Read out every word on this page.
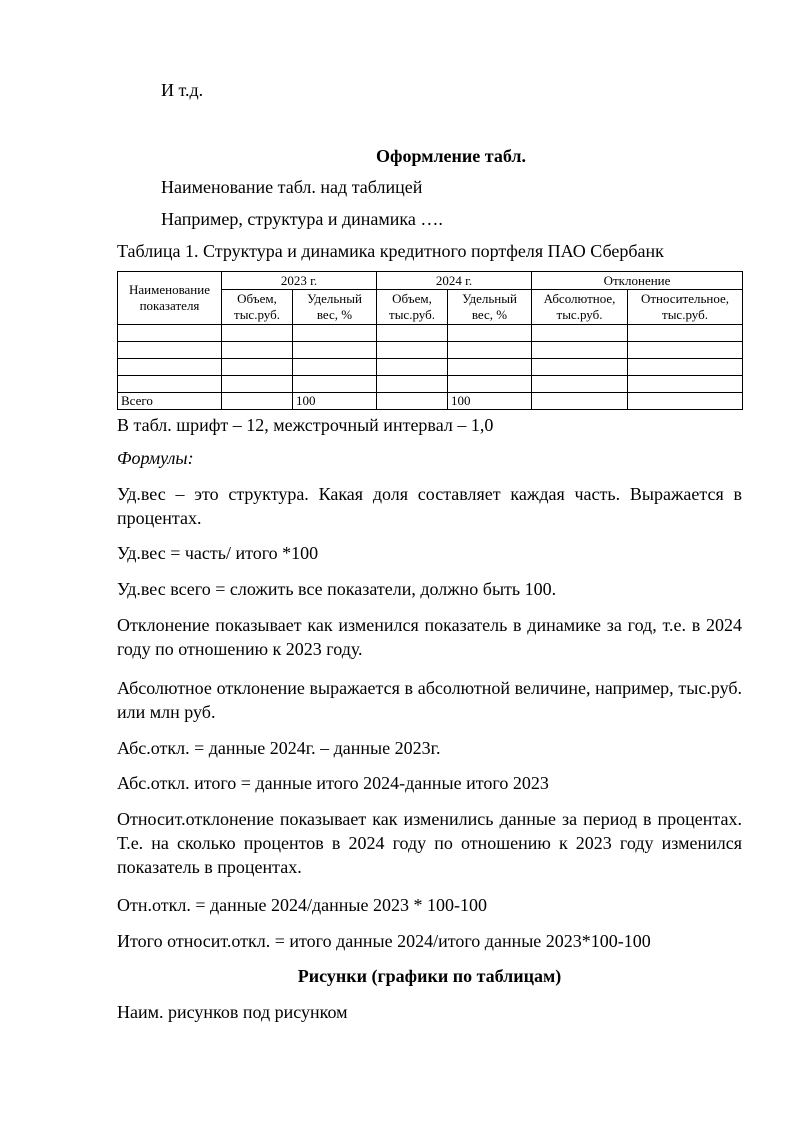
И т.д.
Оформление табл.
Наименование табл. над таблицей
Например, структура и динамика ….
Таблица 1. Структура и динамика кредитного портфеля ПАО Сбербанк
Наименование показателя	2023 г.		2024 г.		Отклонение	
	Объем, тыс.руб.	Удельный вес, %	Объем, тыс.руб.	Удельный вес, %	Абсолютное, тыс.руб.	Относительное, тыс.руб.

Всего		100		100		
В табл. шрифт – 12, межстрочный интервал – 1,0
Формулы:
Уд.вес – это структура. Какая доля составляет каждая часть. Выражается в процентах.
Уд.вес = часть/ итого *100
Уд.вес всего = сложить все показатели, должно быть 100.
Отклонение показывает как изменился показатель в динамике за год, т.е. в 2024 году по отношению к 2023 году.
Абсолютное отклонение выражается в абсолютной величине, например, тыс.руб. или млн руб.
Абс.откл. = данные 2024г. – данные 2023г.
Абс.откл. итого = данные итого 2024-данные итого 2023
Относит.отклонение показывает как изменились данные за период в процентах. Т.е. на сколько процентов в 2024 году по отношению к 2023 году изменился показатель в процентах.
Отн.откл. = данные 2024/данные 2023 * 100-100
Итого относит.откл. = итого данные 2024/итого данные 2023*100-100
Рисунки (графики по таблицам)
Наим. рисунков под рисунком
